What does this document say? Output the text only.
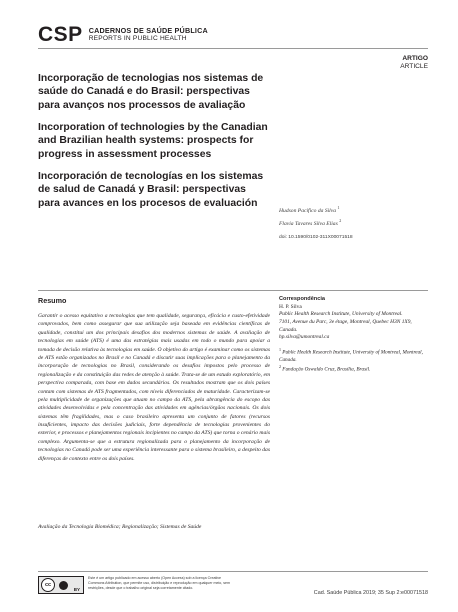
CSP CADERNOS DE SAÚDE PÚBLICA
REPORTS IN PUBLIC HEALTH
ARTIGO
ARTICLE
Incorporação de tecnologias nos sistemas de saúde do Canadá e do Brasil: perspectivas para avanços nos processos de avaliação
Incorporation of technologies by the Canadian and Brazilian health systems: prospects for progress in assessment processes
Incorporación de tecnologías en los sistemas de salud de Canadá y Brasil: perspectivas para avances en los procesos de evaluación
Hudson Pacifico da Silva $^1$
Flavia Tavares Silva Elias $^2$
doi: 10.1590/0102-311X00071518
Resumo

Garantir o acesso equitativo a tecnologias que tem qualidade, segurança, eficácia e custo-efetividade comprovados, bem como assegurar que sua utilização seja baseada em evidências científicas de qualidade, constitui um dos principais desafios dos modernos sistemas de saúde. A avaliação de tecnologias em saúde (ATS) é uma das estratégias mais usadas em todo o mundo para apoiar a tomada de decisão relativa às tecnologias em saúde. O objetivo do artigo é examinar como os sistemas de ATS estão organizados no Brasil e no Canadá e discutir suas implicações para o planejamento da incorporação de tecnologias no Brasil, considerando os desafios impostos pelo processo de regionalização e da constituição das redes de atenção à saúde. Trata-se de um estudo exploratório, em perspectiva comparada, com base em dados secundários. Os resultados mostram que os dois países contam com sistemas de ATS fragmentados, com níveis diferenciados de maturidade. Caracterizam-se pela multiplicidade de organizações que atuam no campo da ATS, pela abrangência do escopo das atividades desenvolvidas e pela concentração das atividades em agências/órgãos nacionais. Os dois sistemas têm fragilidades, mas o caso brasileiro apresenta um conjunto de fatores (recursos insuficientes, impacto das decisões judiciais, forte dependência de tecnologias provenientes do exterior, e processos e planejamentos regionais incipientes no campo da ATS) que torna o cenário mais complexo. Argumenta-se que a estrutura regionalizada para o planejamento da incorporação de tecnologias no Canadá pode ser uma experiência interessante para o sistema brasileiro, a despeito das diferenças de contexto entre os dois países.

Avaliação da Tecnologia Biomédica; Regionalização; Sistemas de Saúde

Correspondência
H. P. Silva
Public Health Research Institute, University of Montreal.
7101, Avenue du Parc, 3e étage, Montreal, Quebec H3N 1X9, Canada.
hp.silva@umontreal.ca
$^1$ Public Health Research Institute, University of Montreal, Montreal, Canada.
$^2$ Fundação Oswaldo Cruz, Brasília, Brasil.
cc
BY

Este é um artigo publicado em acesso aberto (Open Access) sob a licença Creative Commons Attribution, que permite uso, distribuição e reprodução em qualquer meio, sem restrições, desde que o trabalho original seja corretamente citado.

Cad. Saúde Pública 2019; 35 Sup 2:e00071518
